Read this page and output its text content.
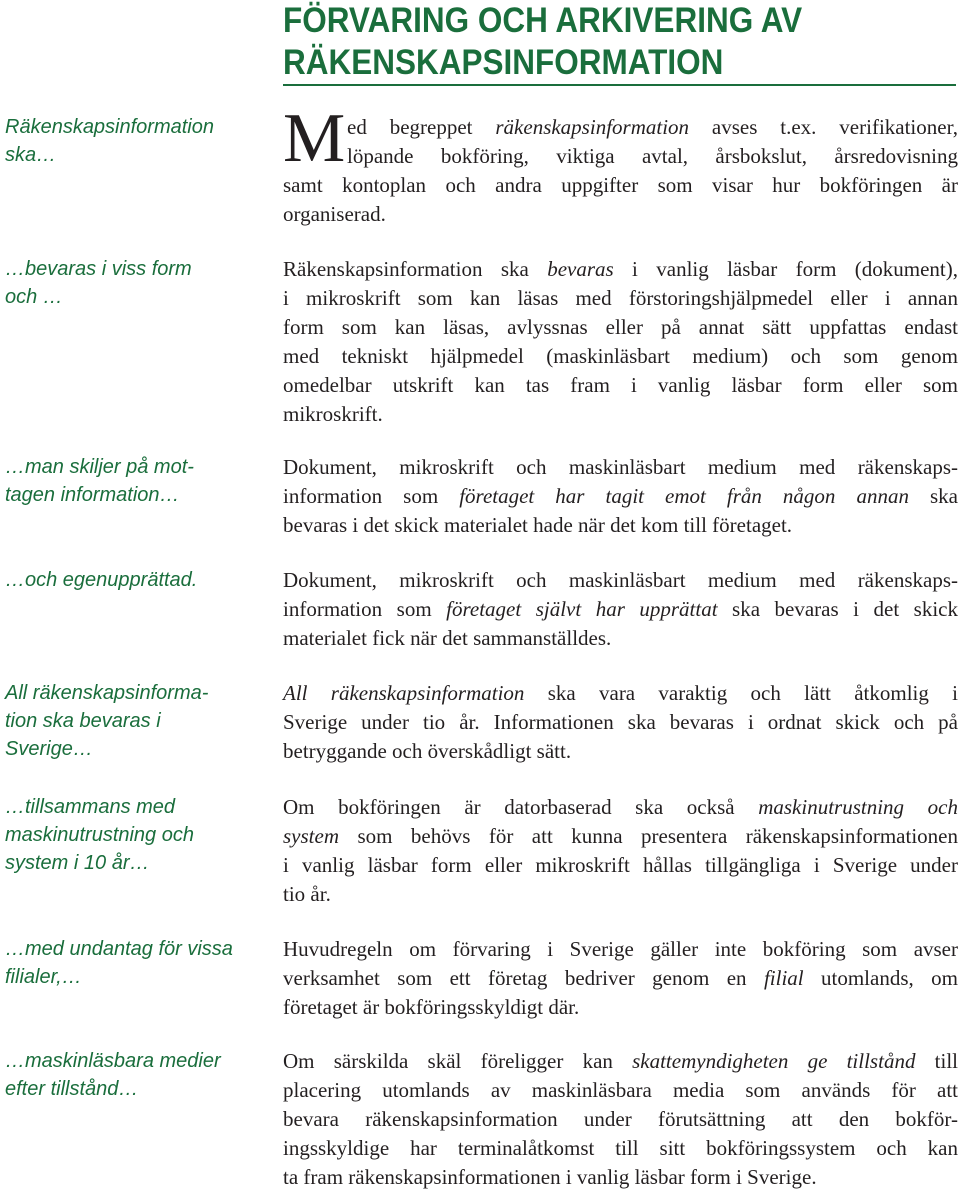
FÖRVARING OCH ARKIVERING AV
RÄKENSKAPSINFORMATION
Räkenskapsinformation
ska…	M ed begreppet räkenskapsinformation avses t.ex. verifikationer,
löpande bokföring, viktiga avtal, årsbokslut, årsredovisning
samt kontoplan och andra uppgifter som visar hur bokföringen är
organiserad.
…bevaras i viss form
och …
Räkenskapsinformation ska bevaras i vanlig läsbar form (dokument),
i mikroskrift som kan läsas med förstoringshjälpmedel eller i annan
form som kan läsas, avlyssnas eller på annat sätt uppfattas endast
med tekniskt hjälpmedel (maskinläsbart medium) och som genom
omedelbar utskrift kan tas fram i vanlig läsbar form eller som
mikroskrift.
…man skiljer på mot-
tagen information…
Dokument, mikroskrift och maskinläsbart medium med räkenskaps-
information som företaget har tagit emot från någon annan ska
bevaras i det skick materialet hade när det kom till företaget.
…och egenupprättad.	Dokument, mikroskrift och maskinläsbart medium med räkenskaps-
information som företaget självt har upprättat ska bevaras i det skick
materialet fick när det sammanställdes.
All räkenskapsinforma-
tion ska bevaras i
Sverige…
All räkenskapsinformation ska vara varaktig och lätt åtkomlig i
Sverige under tio år. Informationen ska bevaras i ordnat skick och på
betryggande och överskådligt sätt.
…tillsammans med
maskinutrustning och
system i 10 år…
Om bokföringen är datorbaserad ska också maskinutrustning och
system som behövs för att kunna presentera räkenskapsinformationen
i vanlig läsbar form eller mikroskrift hållas tillgängliga i Sverige under
tio år.
…med undantag för vissa
filialer,…
Huvudregeln om förvaring i Sverige gäller inte bokföring som avser
verksamhet som ett företag bedriver genom en filial utomlands, om
företaget är bokföringsskyldigt där.
…maskinläsbara medier
efter tillstånd…
Om särskilda skäl föreligger kan skattemyndigheten ge tillstånd till
placering utomlands av maskinläsbara media som används för att
bevara räkenskapsinformation under förutsättning att den bokför-
ingsskyldige har terminalåtkomst till sitt bokföringssystem och kan
ta fram räkenskapsinformationen i vanlig läsbar form i Sverige.
